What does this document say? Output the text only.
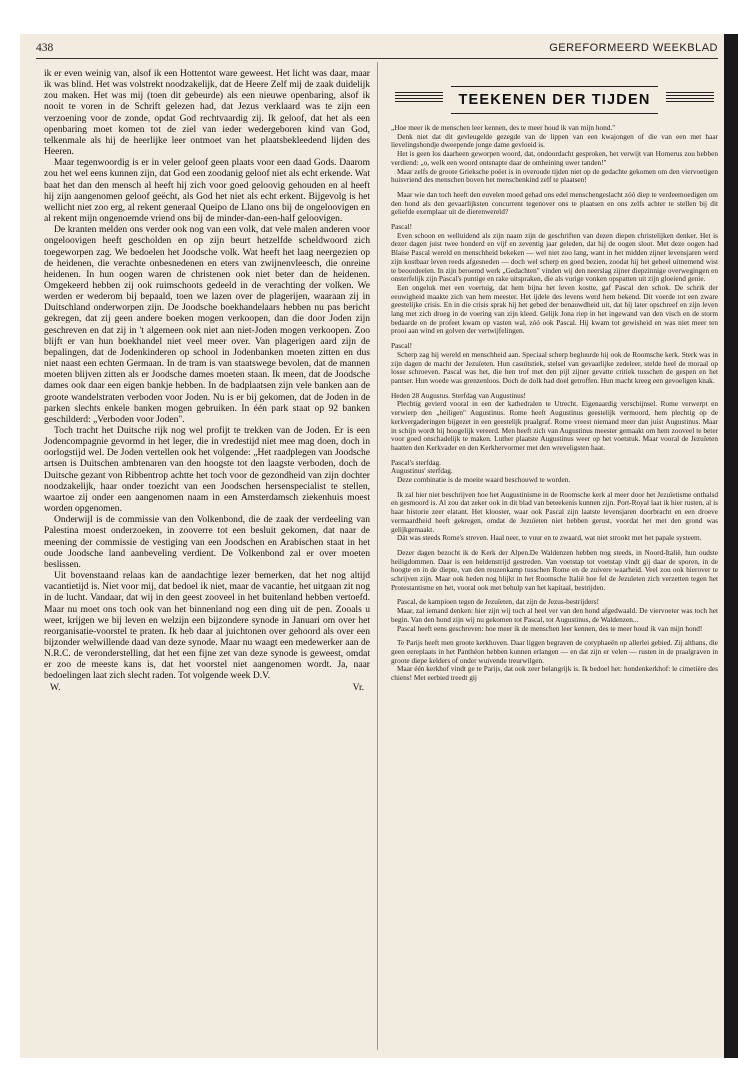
438	GEREFORMEERD WEEKBLAD

ik er even weinig van, alsof ik een Hottentot ware geweest. Het licht was daar, maar ik was blind. Het was volstrekt noodzakelijk, dat de Heere Zelf mij de zaak duidelijk zou maken. Het was mij (toen dit gebeurde) als een nieuwe openbaring, alsof ik nooit te voren in de Schrift gelezen had, dat Jezus verklaard was te zijn een verzoening voor de zonde, opdat God rechtvaardig zij. Ik geloof, dat het als een openbaring moet komen tot de ziel van ieder wedergeboren kind van God, telkenmale als hij de heerlijke leer ontmoet van het plaatsbekleedend lijden des Heeren.

Maar tegenwoordig is er in veler geloof geen plaats voor een daad Gods. Daarom zou het wel eens kunnen zijn, dat God een zoodanig geloof niet als echt erkende. Wat baat het dan den mensch al heeft hij zich voor goed geloovig gehouden en al heeft hij zijn aangenomen geloof geëcht, als God het niet als echt erkent. Bijgevolg is het wellicht niet zoo erg, al rekent generaal Queipo de Llano ons bij de ongeloovigen en al rekent mijn ongenoemde vriend ons bij de minder-dan-een-half geloovigen.

De kranten melden ons verder ook nog van een volk, dat vele malen anderen voor ongeloovigen heeft gescholden en op zijn beurt hetzelfde scheldwoord zich toegeworpen zag. We bedoelen het Joodsche volk. Wat heeft het laag neergezien op de heidenen, die verachte onbesnedenen en eters van zwijnenvleesch, die onreine heidenen. In hun oogen waren de christenen ook niet beter dan de heidenen. Omgekeerd hebben zij ook ruimschoots gedeeld in de verachting der volken. We werden er wederom bij bepaald, toen we lazen over de plagerijen, waaraan zij in Duitschland onderworpen zijn. De Joodsche boekhandelaars hebben nu pas bericht gekregen, dat zij geen andere boeken mogen verkoopen, dan die door Joden zijn geschreven en dat zij in 't algemeen ook niet aan niet-Joden mogen verkoopen. Zoo blijft er van hun boekhandel niet veel meer over. Van plagerigen aard zijn de bepalingen, dat de Jodenkinderen op school in Jodenbanken moeten zitten en dus niet naast een echten Germaan. In de tram is van staatswege bevolen, dat de mannen moeten blijven zitten als er Joodsche dames moeten staan. Ik meen, dat de Joodsche dames ook daar een eigen bankje hebben. In de badplaatsen zijn vele banken aan de groote wandelstraten verboden voor Joden. Nu is er bij gekomen, dat de Joden in de parken slechts enkele banken mogen gebruiken. In één park staat op 92 banken geschilderd: „Verboden voor Joden".

Toch tracht het Duitsche rijk nog wel profijt te trekken van de Joden. Er is een Jodencompagnie gevormd in het leger, die in vredestijd niet mee mag doen, doch in oorlogstijd wel. De Joden vertellen ook het volgende: „Het raadplegen van Joodsche artsen is Duitschen ambtenaren van den hoogste tot den laagste verboden, doch de Duitsche gezant von Ribbentrop achtte het toch voor de gezondheid van zijn dochter noodzakelijk, haar onder toezicht van een Joodschen hersenspecialist te stellen, waartoe zij onder een aangenomen naam in een Amsterdamsch ziekenhuis moest worden opgenomen.

Onderwijl is de commissie van den Volkenbond, die de zaak der verdeeling van Palestina moest onderzoeken, in zooverre tot een besluit gekomen, dat naar de meening der commissie de vestiging van een Joodschen en Arabischen staat in het oude Joodsche land aanbeveling verdient. De Volkenbond zal er over moeten beslissen.

Uit bovenstaand relaas kan de aandachtige lezer bemerken, dat het nog altijd vacantietijd is. Niet voor mij, dat bedoel ik niet, maar de vacantie, het uitgaan zit nog in de lucht. Vandaar, dat wij in den geest zooveel in het buitenland hebben vertoefd. Maar nu moet ons toch ook van het binnenland nog een ding uit de pen. Zooals u weet, krijgen we bij leven en welzijn een bijzondere synode in Januari om over het reorganisatie-voorstel te praten. Ik heb daar al juichtonen over gehoord als over een bijzonder welwillende daad van deze synode. Maar nu waagt een medewerker aan de N.R.C. de veronderstelling, dat het een fijne zet van deze synode is geweest, omdat er zoo de meeste kans is, dat het voorstel niet aangenomen wordt. Ja, naar bedoelingen laat zich slecht raden. Tot volgende week D.V.

W.	Vr.
TEEKENEN DER TIJDEN

„Hoe meer ik de menschen leer kennen, des te meer houd ik van mijn hond."

Denk niet dat dit gevleugelde gezegde van de lippen van een kwajongen of die van een met haar lievelingshondje dweepende jonge dame gevloeid is.

Het is geen los daarheen geworpen woord, dat, ondoordacht gesproken, het verwijt van Homerus zou hebben verdiend: „o, welk een woord ontsnapte daar de omheining uwer tanden!"

Maar zelfs de groote Grieksche poëet is in overoude tijden niet op de gedachte gekomen om den viervoetigen huisvriend des menschen boven het menschenkind zelf te plaatsen!

Maar wie dan toch heeft den euvelen moed gehad ons edel menschengeslacht zóó diep te verdeemoedigen om den hond als den gevaarlijksten concurrent tegenover ons te plaatsen en ons zelfs achter te stellen bij dit geliefde exemplaar uit de dierenwereld?

Pascal!

Even schoon en welluidend als zijn naam zijn de geschriften van dezen diepen christelijken denker. Het is dezer dagen juist twee honderd en vijf en zeventig jaar geleden, dat hij de oogen sloot. Met deze oogen had Blaise Pascal wereld en menschheid bekeken — wel niet zoo lang, want in het midden zijner levensjaren werd zijn kostbaar leven reeds afgesneden — doch wel scherp en goed bezien, zoodat hij het geheel uitnemend wist te beoordeelen. In zijn beroemd werk „Gedachten" vinden wij den neerslag zijner diepzinnige overwegingen en onsterfelijk zijn Pascal's puntige en rake uitspraken, die als vurige vonken opspatten uit zijn gloeiend genie.

Een ongeluk met een voertuig, dat hem bijna het leven kostte, gaf Pascal den schok. De schrik der eeuwigheid maakte zich van hem meester. Het ijdele des levens werd hem bekend. Dit voerde tot een zware geestelijke crisis. En in die crisis sprak hij het gebed der benauwdheid uit, dat hij later opschreef en zijn leven lang met zich droeg in de voering van zijn kleed. Gelijk Jona riep in het ingewand van den visch en de storm bedaarde en de profeet kwam op vasten wal, zóó ook Pascal. Hij kwam tot gewisheid en was niet meer ten prooi aan wind en golven der vertwijfelingen.

Pascal!

Scherp zag hij wereld en menschheid aan. Speciaal scherp begluurde hij ook de Roomsche kerk. Sterk was in zijn dagen de macht der Jezuïeten. Hun casuïtstiek, stelsel van gevaarlijke zedeleer, stelde heel de moraal op losse schroeven. Pascal was het, die hen trof met den pijl zijner gevatte critiek tusschen de gespen en het pantser. Hun woede was grenzenloos. Doch de dolk had doel getroffen. Hun macht kreeg een gevoeligen knak.

Heden 28 Augustus. Sterfdag van Augustinus!

Plechtig gevierd vooral in een der kathedralen te Utrecht. Eigenaardig verschijnsel. Rome verwerpt en verwierp den „heiligen" Augustinus. Rome heeft Augustinus geestelijk vermoord, hem plechtig op de kerkvergaderingen bijgezet in een geestelijk praalgraf. Rome vreest niemand meer dan juist Augustinus. Maar in schijn wordt hij hoogelijk vereerd. Men heeft zich van Augustinus meester gemaakt om hem zooveel te beter voor goed onschadelijk te maken. Luther plaatste Augustinus weer op het voetstuk. Maar vooral de Jezuïeten haatten den Kerkvader en den Kerkhervormer met den wreveligsten haat.

Pascal's sterfdag.

Augustinus' sterfdag.

Deze combinatie is de moeite waard beschouwd te worden.

Ik zal hier niet beschrijven hoe het Augustinisme in de Roomsche kerk al meer door het Jezuïetisme onthalsd en gesmoord is. Al zou dat zeker ook in dit blad van beteekenis kunnen zijn. Port-Royal laat ik hier rusten, al is haar historie zeer elatant. Het klooster, waar ook Pascal zijn laatste levensjaren doorbracht en een droeve vermaardheid heeft gekregen, omdat de Jezuïeten niet hebben gerust, voordat het met den grond was gelijkgemaakt.

Dát was steeds Rome's streven. Haal neer, te vuur en te zwaard, wat niet strookt met het papale systeem.

Dezer dagen bezocht ik de Kerk der Alpen.De Waldenzen hebben nog steeds, in Noord-Italië, hun oudste heiligdommen. Daar is een heldenstrijd gestreden. Van voetstap tot voetstap vindt gij daar de sporen, in de hoogte en in de diepte, van den reuzenkamp tusschen Rome en de zuivere waarheid. Veel zou ook hierover te schrijven zijn. Maar ook heden nog blijkt in het Roomsche Italië hoe fel de Jezuïeten zich verzetten tegen het Protestantisme en het, vooral ook met behulp van het kapitaal, bestrijden.

Pascal, de kampioen tegen de Jezuïeten, dat zijn de Jezus-bestrijders!

Maar, zal iemand denken: hier zijn wij toch al heel ver van den hond afgedwaald. De viervoeter was toch het begin. Van den hond zijn wij nu gekomen tot Pascal, tot Augustinus, de Waldenzen...

Pascal heeft eens geschreven: hoe meer ik de menschen leer kennen, des te meer houd ik van mijn hond!

Te Parijs heeft men groote kerkhoven. Daar liggen begraven de coryphaeën op allerlei gebied. Zij althans, die geen eereplaats in het Panthéon hebben kunnen erlangen — en dat zijn er velen — rusten in de praalgraven in groote diepe kelders of onder wuivende treurwilgen.

Maar één kerkhof vindt ge te Parijs, dat ook zeer belangrijk is. Ik bedoel het: hondenkerkhof: le cimetière des chiens! Met eerbied treedt gij
